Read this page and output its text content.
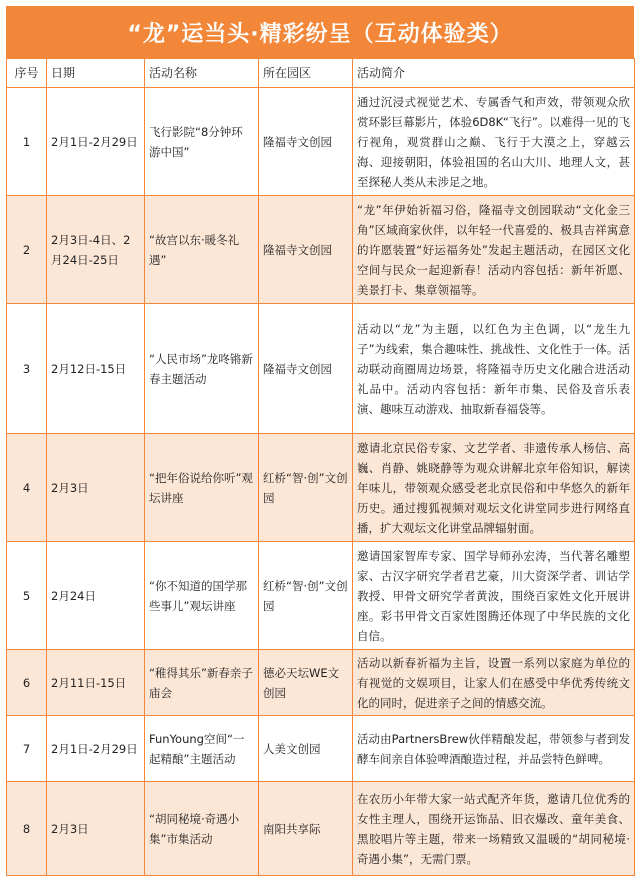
“龙”运当头·精彩纷呈（互动体验类）
序号	日期	活动名称	所在园区	活动简介
1	2月1日-2月29日	飞行影院“8分钟环游中国”	隆福寺文创园	通过沉浸式视觉艺术、专属香气和声效，带领观众欣赏环影巨幕影片，体验6D8K“飞行”。以难得一见的飞行视角，观赏群山之巅、飞行于大漠之上，穿越云海、迎接朝阳，体验祖国的名山大川、地理人文，甚至探秘人类从未涉足之地。
2	2月3日-4日、2月24日-25日	“故宫以东·暖冬礼遇”	隆福寺文创园	“龙”年伊始祈福习俗，隆福寺文创园联动“文化金三角”区域商家伙伴，以年轻一代喜爱的、极具吉祥寓意的许愿装置“好运福务处”发起主题活动，在园区文化空间与民众一起迎新春！活动内容包括：新年祈愿、美景打卡、集章领福等。
3	2月12日-15日	“人民市场”龙咚锵新春主题活动	隆福寺文创园	活动以“龙”为主题，以红色为主色调，以“龙生九子”为线索，集合趣味性、挑战性、文化性于一体。活动联动商圈周边场景，将隆福寺历史文化融合进活动礼品中。活动内容包括：新年市集、民俗及音乐表演、趣味互动游戏、抽取新春福袋等。
4	2月3日	“把年俗说给你听”观坛讲座	红桥“智·创”文创园	邀请北京民俗专家、文艺学者、非遗传承人杨信、高巍、肖静、姚晓静等为观众讲解北京年俗知识，解读年味儿，带领观众感受老北京民俗和中华悠久的新年历史。通过搜狐视频对观坛文化讲堂同步进行网络直播，扩大观坛文化讲堂品牌辐射面。
5	2月24日	“你不知道的国学那些事儿”观坛讲座	红桥“智·创”文创园	邀请国家智库专家、国学导师孙宏涛，当代著名雕塑家、古汉字研究学者君艺豪，川大资深学者、训诂学教授、甲骨文研究学者黄波，围绕百家姓文化开展讲座。彩书甲骨文百家姓图腾还体现了中华民族的文化自信。
6	2月11日-15日	“稚得其乐”新春亲子庙会	德必天坛WE文创园	活动以新春祈福为主旨，设置一系列以家庭为单位的有视觉的文娱项目，让家人们在感受中华优秀传统文化的同时，促进亲子之间的情感交流。
7	2月1日-2月29日	FunYoung空间“一起精酿”主题活动	人美文创园	活动由PartnersBrew伙伴精酿发起，带领参与者到发酵车间亲自体验啤酒酿造过程，并品尝特色鲜啤。
8	2月3日	“胡同秘境·奇遇小集”市集活动	南阳共享际	在农历小年带大家一站式配齐年货，邀请几位优秀的女性主理人，围绕开运饰品、旧衣爆改、童年美食、黑胶唱片等主题，带来一场精致又温暖的“胡同秘境·奇遇小集”，无需门票。
